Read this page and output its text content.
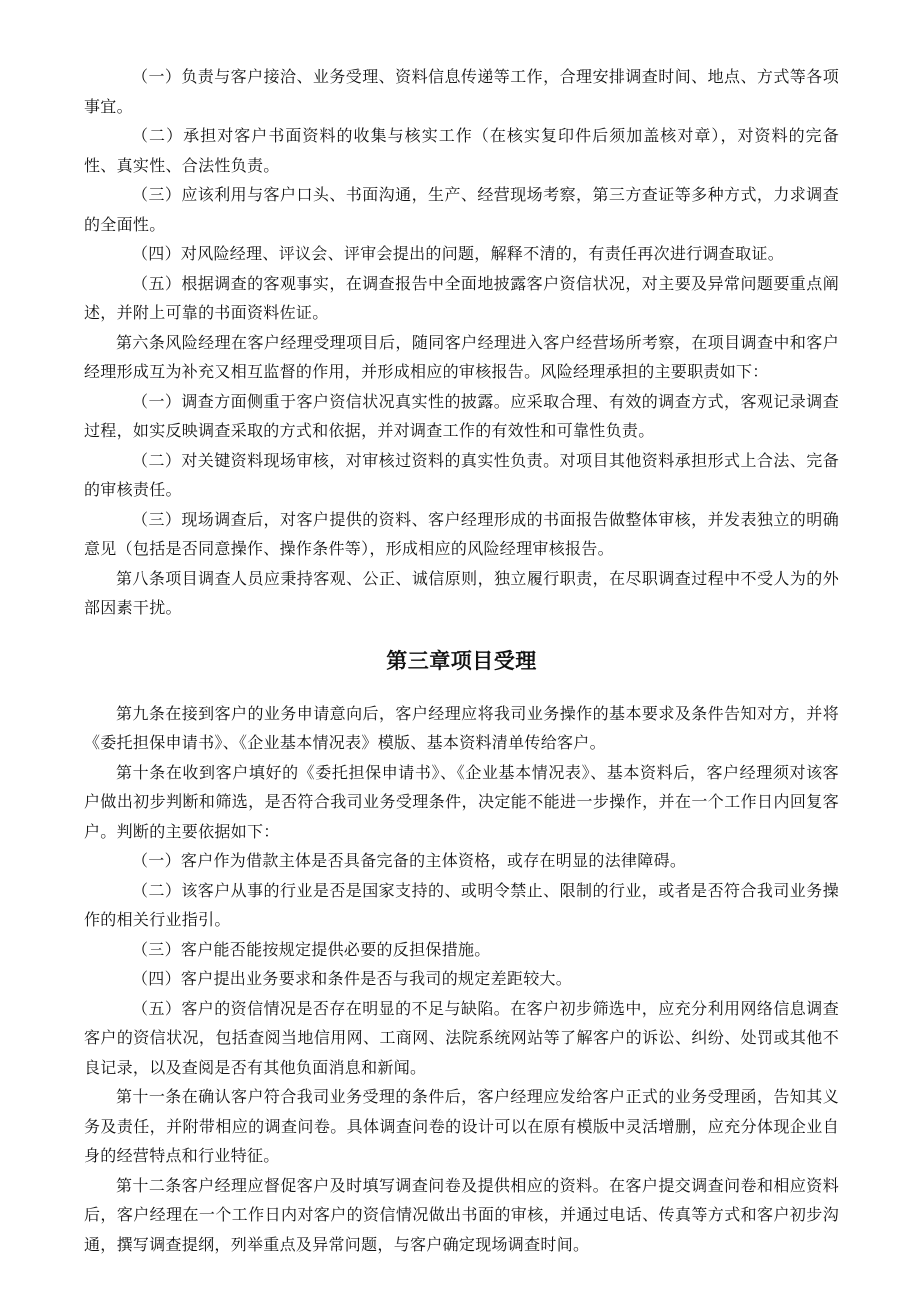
（一）负责与客户接洽、业务受理、资料信息传递等工作，合理安排调查时间、地点、方式等各项事宜。

（二）承担对客户书面资料的收集与核实工作（在核实复印件后须加盖核对章），对资料的完备性、真实性、合法性负责。

（三）应该利用与客户口头、书面沟通，生产、经营现场考察，第三方查证等多种方式，力求调查的全面性。

（四）对风险经理、评议会、评审会提出的问题，解释不清的，有责任再次进行调查取证。

（五）根据调查的客观事实，在调查报告中全面地披露客户资信状况，对主要及异常问题要重点阐述，并附上可靠的书面资料佐证。

第六条风险经理在客户经理受理项目后，随同客户经理进入客户经营场所考察，在项目调查中和客户经理形成互为补充又相互监督的作用，并形成相应的审核报告。风险经理承担的主要职责如下：

（一）调查方面侧重于客户资信状况真实性的披露。应采取合理、有效的调查方式，客观记录调查过程，如实反映调查采取的方式和依据，并对调查工作的有效性和可靠性负责。

（二）对关键资料现场审核，对审核过资料的真实性负责。对项目其他资料承担形式上合法、完备的审核责任。

（三）现场调查后，对客户提供的资料、客户经理形成的书面报告做整体审核，并发表独立的明确意见（包括是否同意操作、操作条件等），形成相应的风险经理审核报告。

第八条项目调查人员应秉持客观、公正、诚信原则，独立履行职责，在尽职调查过程中不受人为的外部因素干扰。

第三章项目受理

第九条在接到客户的业务申请意向后，客户经理应将我司业务操作的基本要求及条件告知对方，并将《委托担保申请书》、《企业基本情况表》模版、基本资料清单传给客户。

第十条在收到客户填好的《委托担保申请书》、《企业基本情况表》、基本资料后，客户经理须对该客户做出初步判断和筛选，是否符合我司业务受理条件，决定能不能进一步操作，并在一个工作日内回复客户。判断的主要依据如下：

（一）客户作为借款主体是否具备完备的主体资格，或存在明显的法律障碍。

（二）该客户从事的行业是否是国家支持的、或明令禁止、限制的行业，或者是否符合我司业务操作的相关行业指引。

（三）客户能否能按规定提供必要的反担保措施。

（四）客户提出业务要求和条件是否与我司的规定差距较大。

（五）客户的资信情况是否存在明显的不足与缺陷。在客户初步筛选中，应充分利用网络信息调查客户的资信状况，包括查阅当地信用网、工商网、法院系统网站等了解客户的诉讼、纠纷、处罚或其他不良记录，以及查阅是否有其他负面消息和新闻。

第十一条在确认客户符合我司业务受理的条件后，客户经理应发给客户正式的业务受理函，告知其义务及责任，并附带相应的调查问卷。具体调查问卷的设计可以在原有模版中灵活增删，应充分体现企业自身的经营特点和行业特征。

第十二条客户经理应督促客户及时填写调查问卷及提供相应的资料。在客户提交调查问卷和相应资料后，客户经理在一个工作日内对客户的资信情况做出书面的审核，并通过电话、传真等方式和客户初步沟通，撰写调查提纲，列举重点及异常问题，与客户确定现场调查时间。
